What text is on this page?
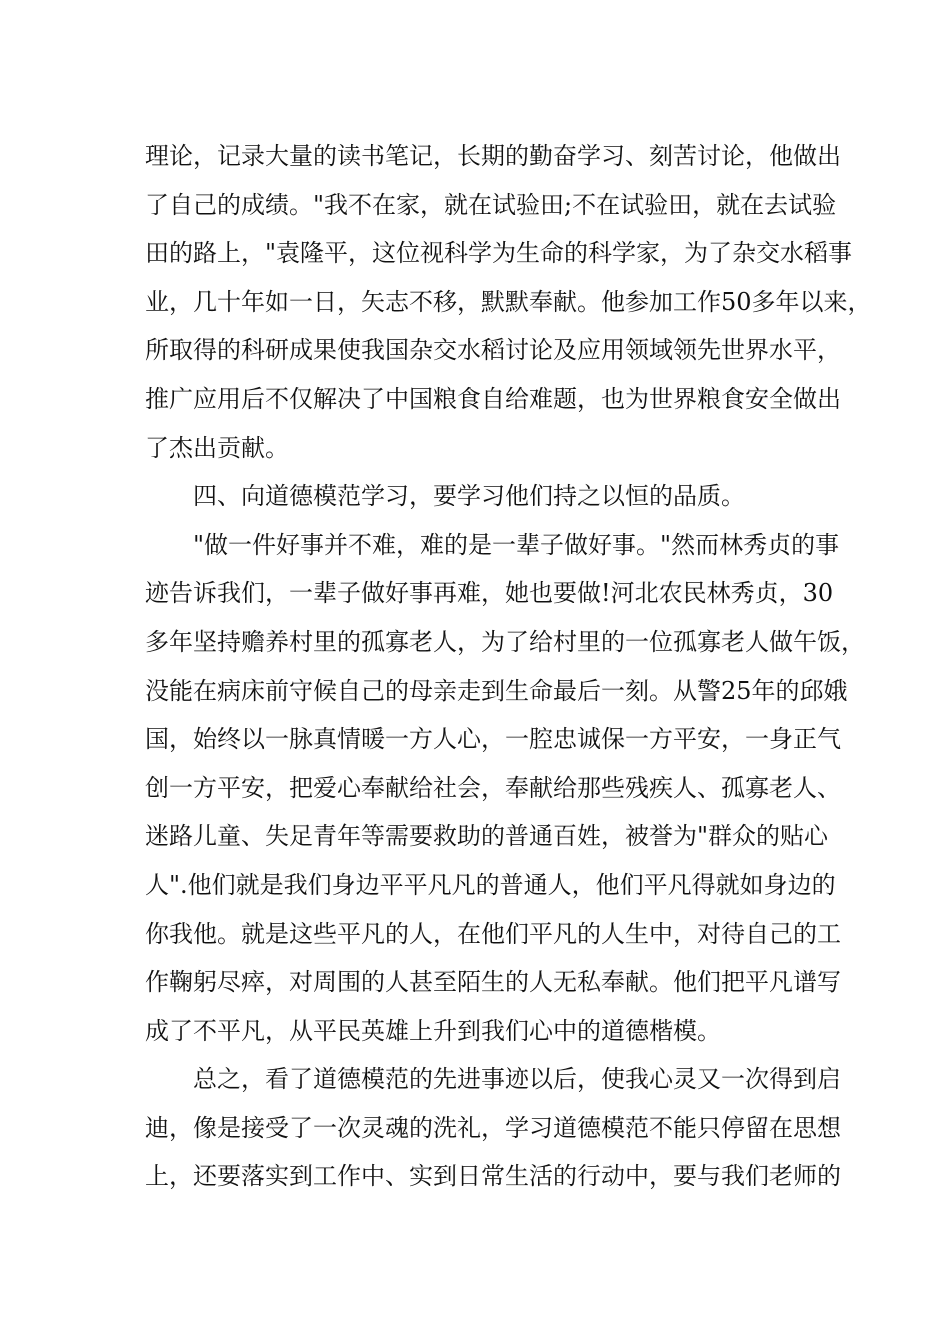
理论，记录大量的读书笔记，长期的勤奋学习、刻苦讨论，他做出
了自己的成绩。"我不在家，就在试验田;不在试验田，就在去试验
田的路上，"袁隆平，这位视科学为生命的科学家，为了杂交水稻事
业，几十年如一日，矢志不移，默默奉献。他参加工作50多年以来，
所取得的科研成果使我国杂交水稻讨论及应用领域领先世界水平，
推广应用后不仅解决了中国粮食自给难题，也为世界粮食安全做出
了杰出贡献。
四、向道德模范学习，要学习他们持之以恒的品质。
"做一件好事并不难，难的是一辈子做好事。"然而林秀贞的事
迹告诉我们，一辈子做好事再难，她也要做!河北农民林秀贞，30
多年坚持赡养村里的孤寡老人，为了给村里的一位孤寡老人做午饭，
没能在病床前守候自己的母亲走到生命最后一刻。从警25年的邱娥
国，始终以一脉真情暖一方人心，一腔忠诚保一方平安，一身正气
创一方平安，把爱心奉献给社会，奉献给那些残疾人、孤寡老人、
迷路儿童、失足青年等需要救助的普通百姓，被誉为"群众的贴心
人".他们就是我们身边平平凡凡的普通人，他们平凡得就如身边的
你我他。就是这些平凡的人，在他们平凡的人生中，对待自己的工
作鞠躬尽瘁，对周围的人甚至陌生的人无私奉献。他们把平凡谱写
成了不平凡，从平民英雄上升到我们心中的道德楷模。
总之，看了道德模范的先进事迹以后，使我心灵又一次得到启
迪，像是接受了一次灵魂的洗礼，学习道德模范不能只停留在思想
上，还要落实到工作中、实到日常生活的行动中，要与我们老师的
